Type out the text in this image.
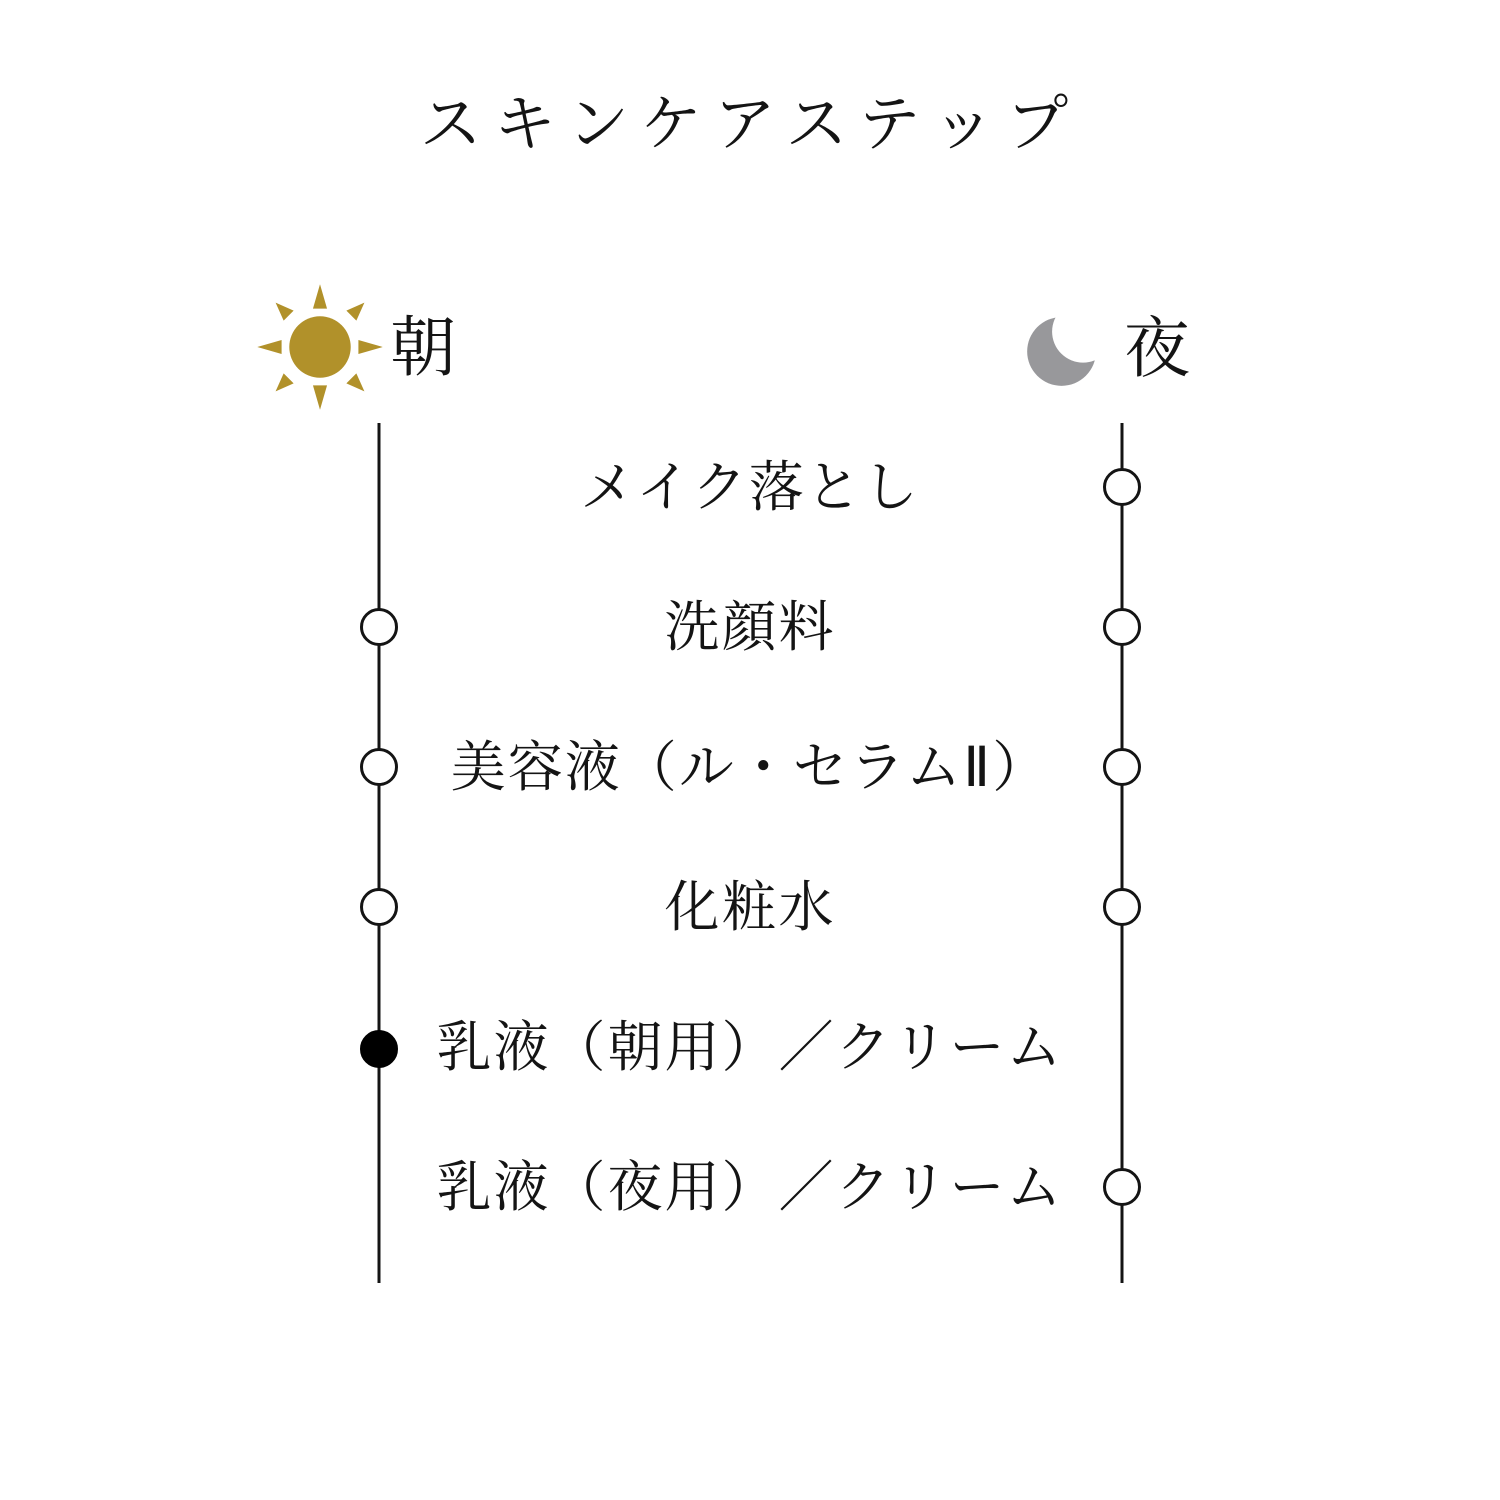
スキンケアステップ
朝	夜
メイク落とし
洗顔料
美容液（ル・セラムⅡ）
化粧水
乳液（朝用）／クリーム
乳液（夜用）／クリーム
